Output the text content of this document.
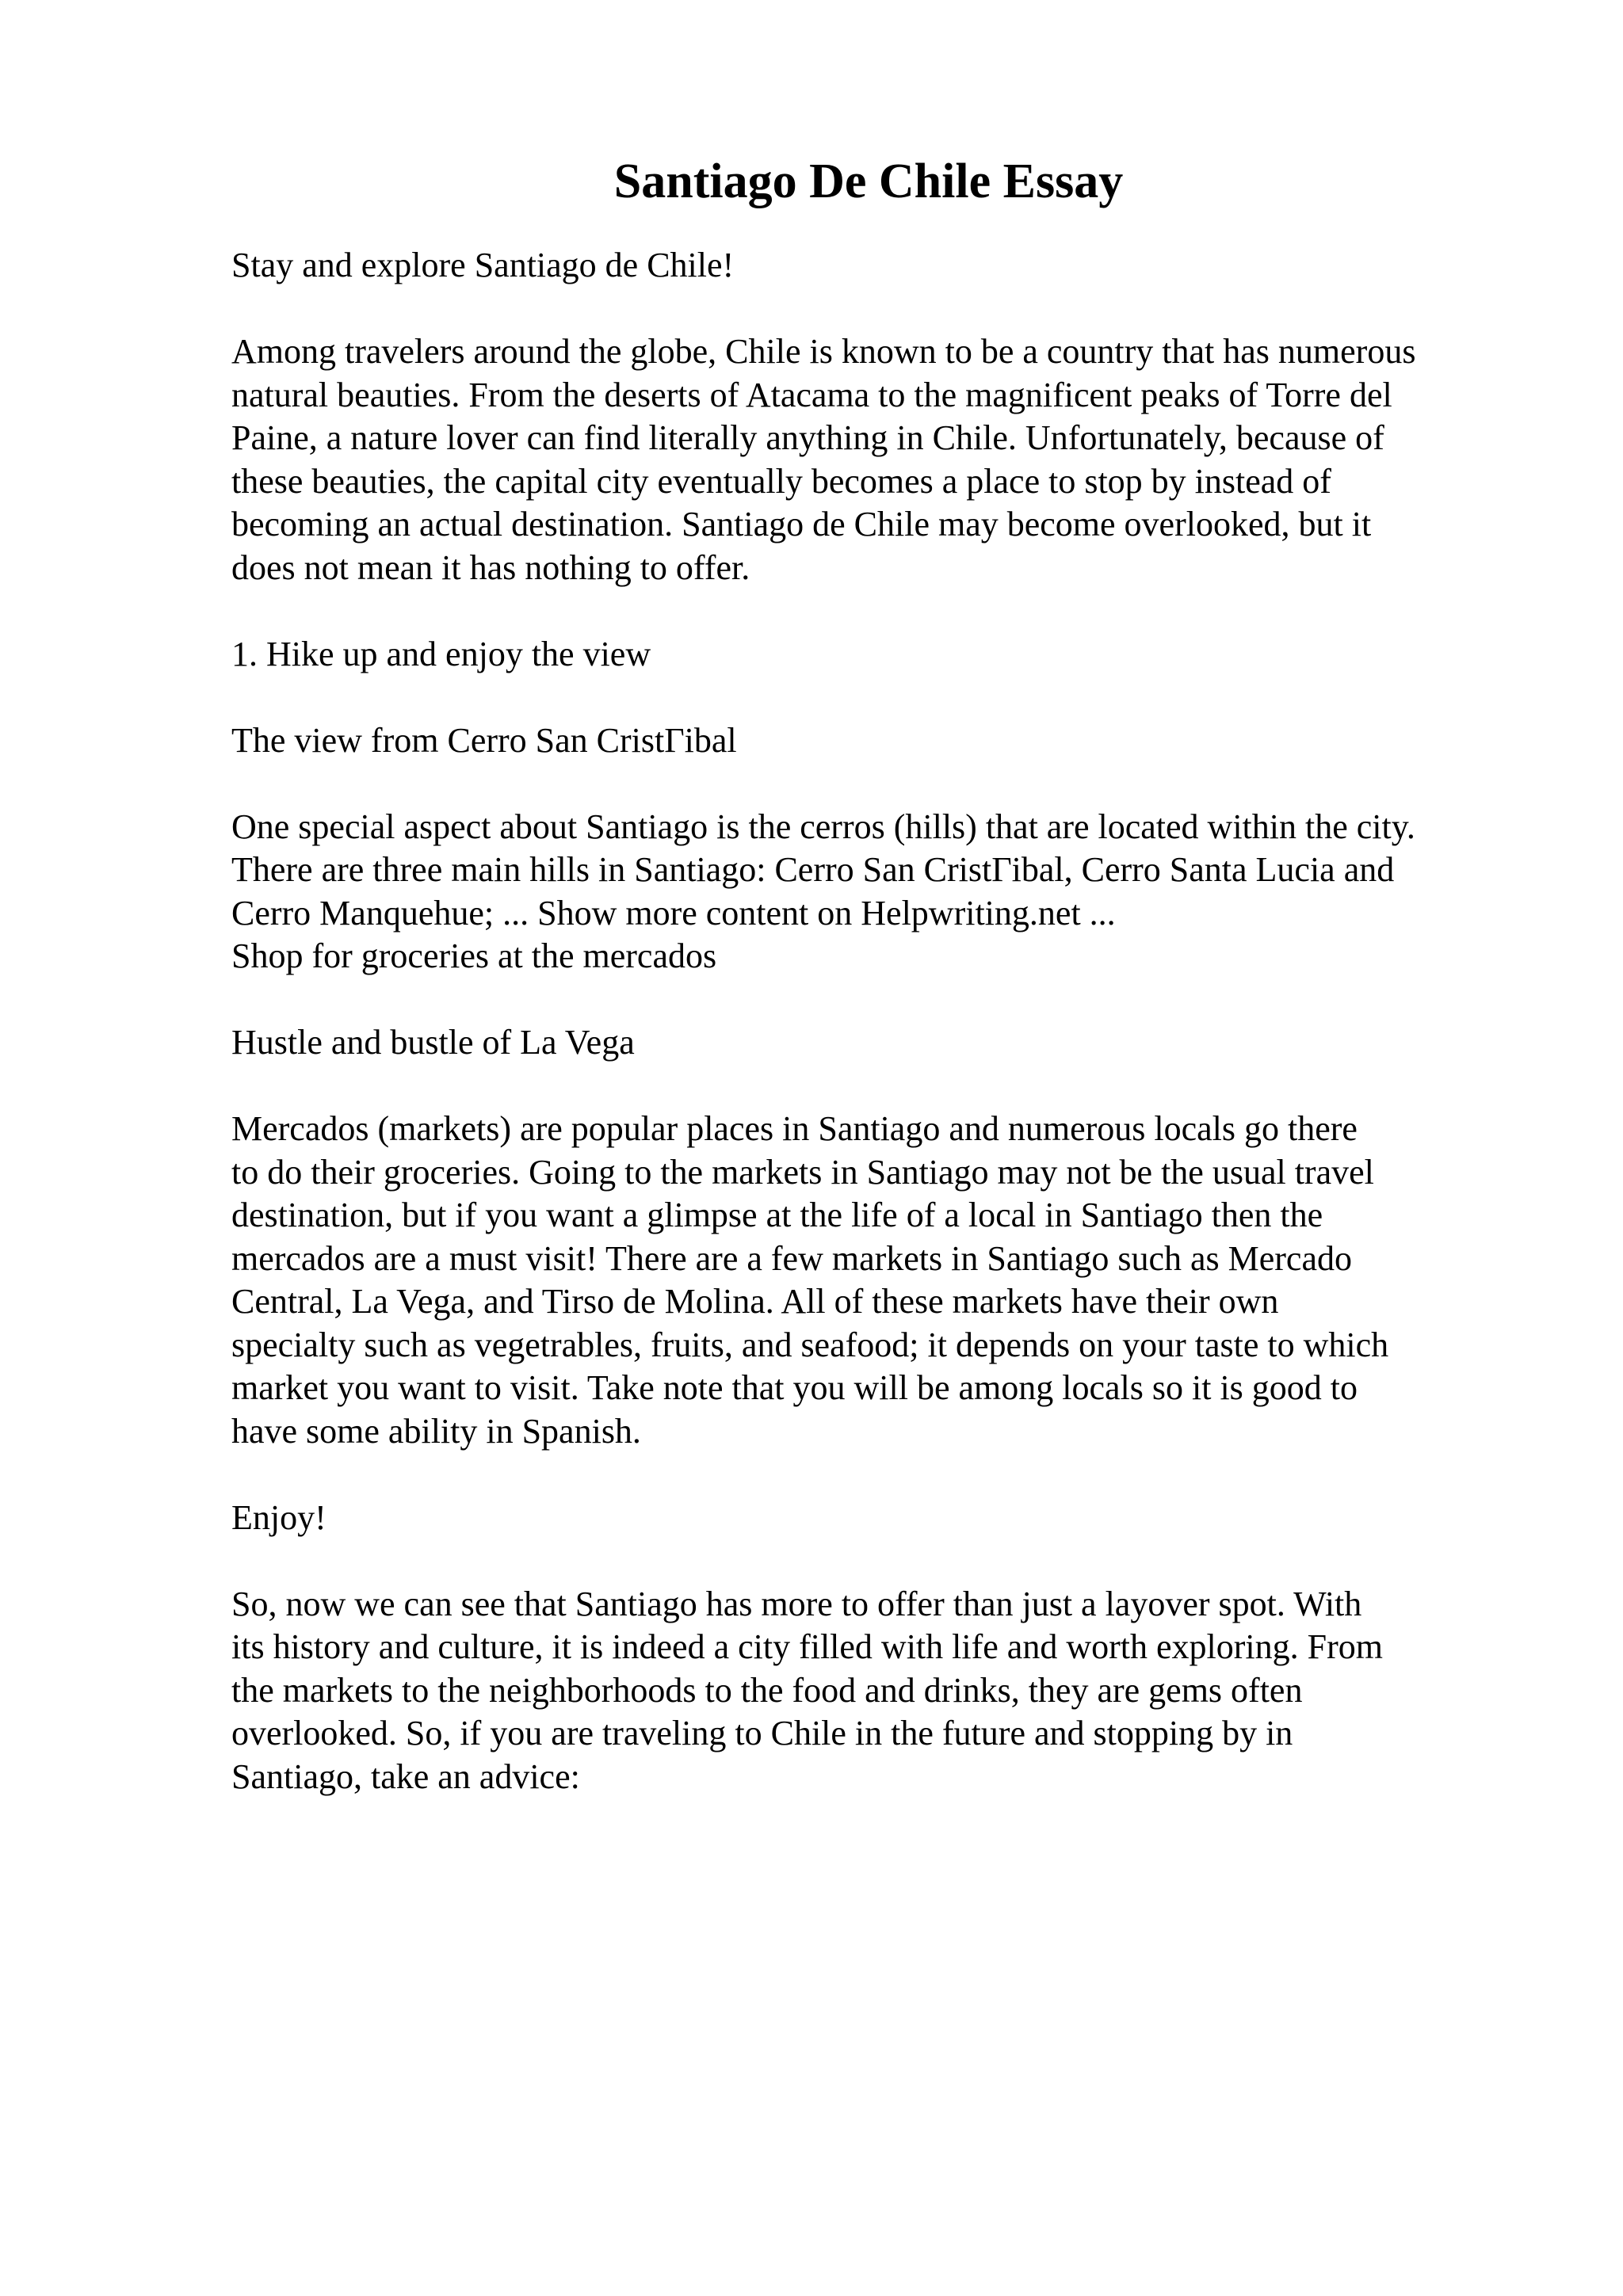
Santiago De Chile Essay

Stay and explore Santiago de Chile!

Among travelers around the globe, Chile is known to be a country that has numerous
natural beauties. From the deserts of Atacama to the magnificent peaks of Torre del
Paine, a nature lover can find literally anything in Chile. Unfortunately, because of
these beauties, the capital city eventually becomes a place to stop by instead of
becoming an actual destination. Santiago de Chile may become overlooked, but it
does not mean it has nothing to offer.

1. Hike up and enjoy the view

The view from Cerro San CristΓibal

One special aspect about Santiago is the cerros (hills) that are located within the city.
There are three main hills in Santiago: Cerro San CristΓibal, Cerro Santa Lucia and
Cerro Manquehue; ... Show more content on Helpwriting.net ...
Shop for groceries at the mercados

Hustle and bustle of La Vega

Mercados (markets) are popular places in Santiago and numerous locals go there
to do their groceries. Going to the markets in Santiago may not be the usual travel
destination, but if you want a glimpse at the life of a local in Santiago then the
mercados are a must visit! There are a few markets in Santiago such as Mercado
Central, La Vega, and Tirso de Molina. All of these markets have their own
specialty such as vegetrables, fruits, and seafood; it depends on your taste to which
market you want to visit. Take note that you will be among locals so it is good to
have some ability in Spanish.

Enjoy!

So, now we can see that Santiago has more to offer than just a layover spot. With
its history and culture, it is indeed a city filled with life and worth exploring. From
the markets to the neighborhoods to the food and drinks, they are gems often
overlooked. So, if you are traveling to Chile in the future and stopping by in
Santiago, take an advice:
